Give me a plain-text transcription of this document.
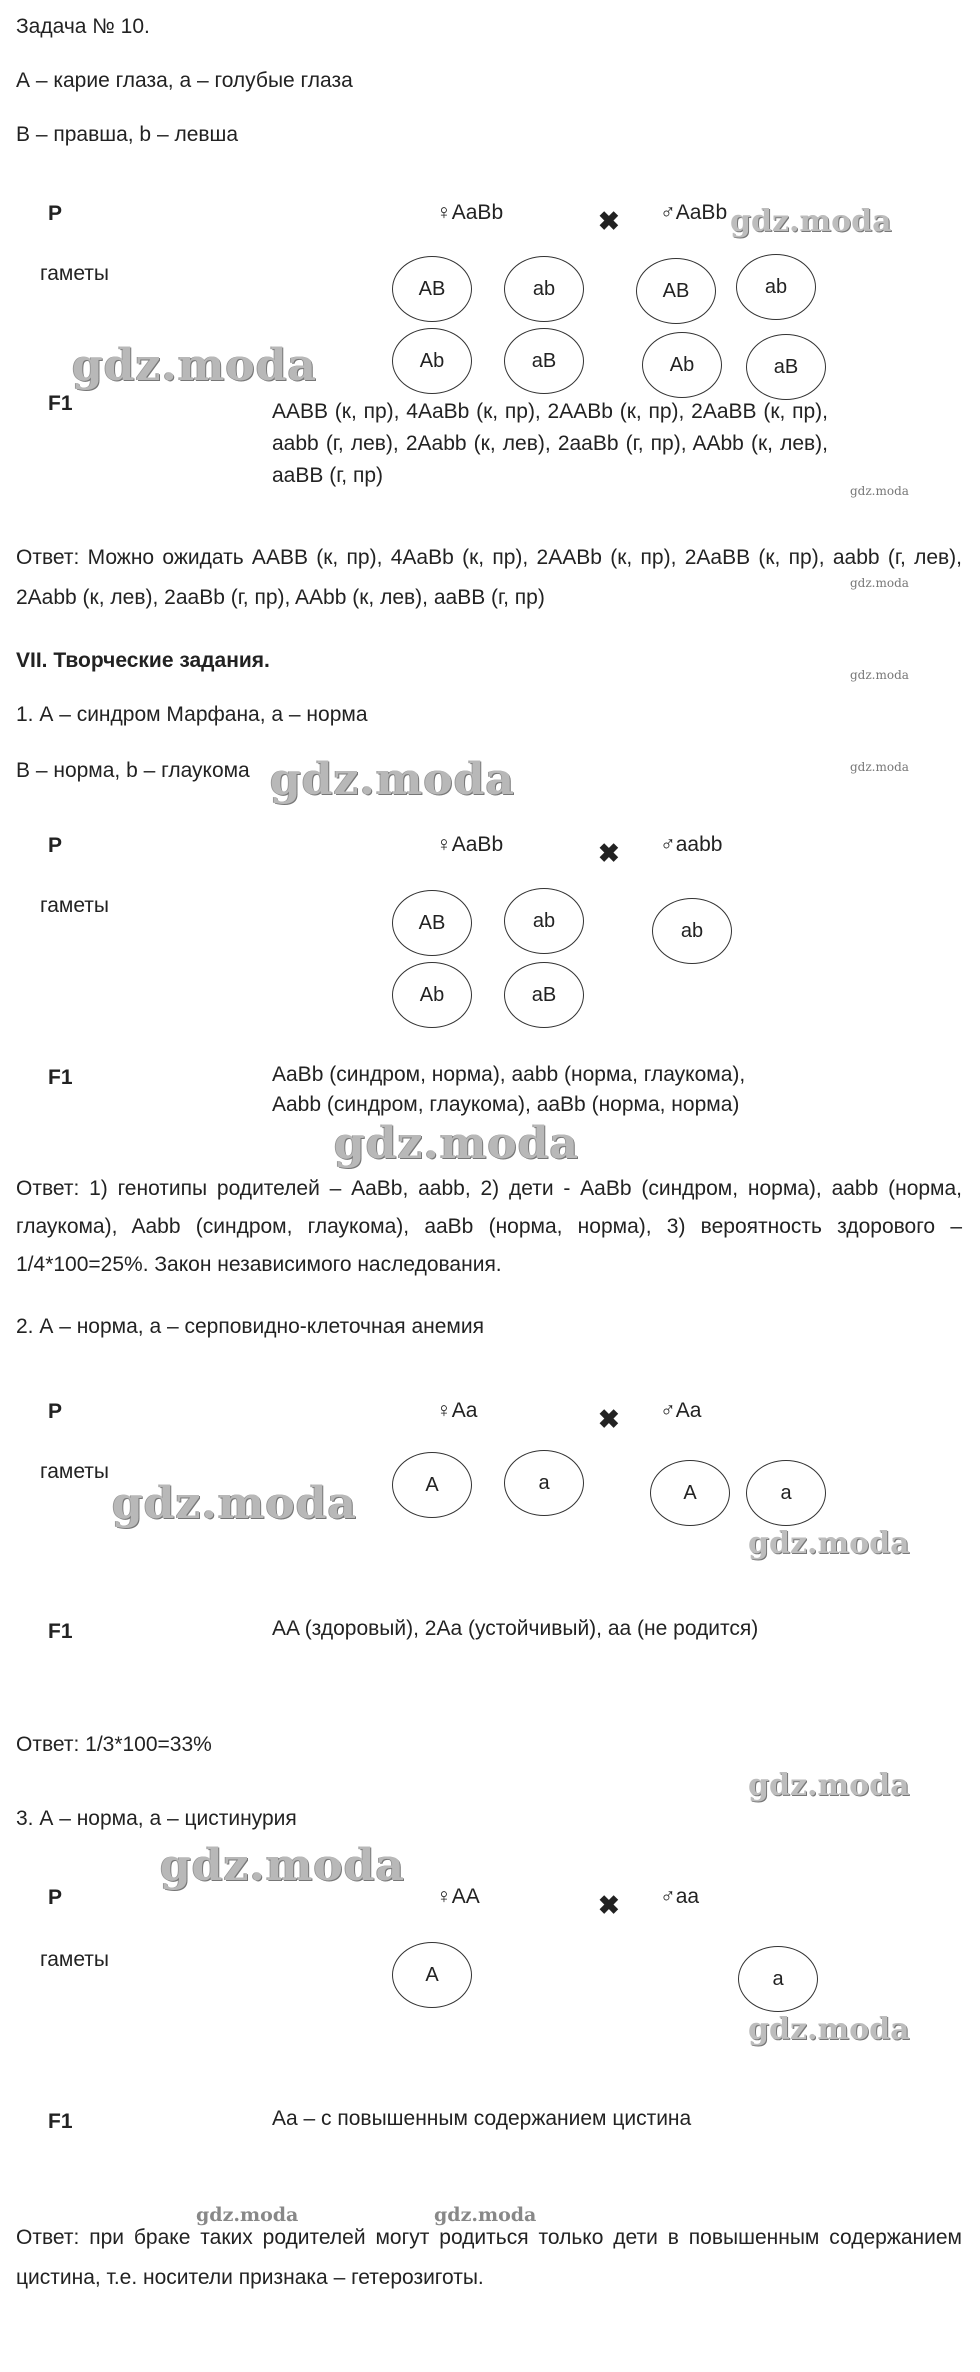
Задача № 10.
А – карие глаза, а – голубые глаза
В – правша, b – левша
P	♀AaBb	✖ ♂AaBb
гаметы
AB	ab
Ab	aB
AB	ab
Ab	aB
F1	AABB (к, пр), 4AaBb (к, пр), 2AABb (к, пр), 2AaBB (к, пр), aabb (г, лев), 2Aabb (к, лев), 2aaBb (г, пр), AAbb (к, лев), aaBB (г, пр)
Ответ: Можно ожидать AABB (к, пр), 4AaBb (к, пр), 2AABb (к, пр), 2AaBB (к, пр), aabb (г, лев), 2Aabb (к, лев), 2aaBb (г, пр), AAbb (к, лев), aaBB (г, пр)
VII. Творческие задания.
1. А – синдром Марфана, а – норма
В – норма, b – глаукома
P	♀AaBb	✖ ♂aabb
гаметы
AB	ab
Ab	aB
ab
F1	AaBb (синдром, норма), aabb (норма, глаукома),
Aabb (синдром, глаукома), aaBb (норма, норма)
Ответ: 1) генотипы родителей – AaBb, aabb, 2) дети - AaBb (синдром, норма), aabb (норма, глаукома), Aabb (синдром, глаукома), aaBb (норма, норма), 3) вероятность здорового – 1/4*100=25%. Закон независимого наследования.
2. А – норма, а – серповидно-клеточная анемия
P	♀Aa	✖ ♂Aa
гаметы
A	a	A	a
F1	AA (здоровый), 2Aa (устойчивый), aa (не родится)
Ответ: 1/3*100=33%
3. А – норма, а – цистинурия
P	♀AA	✖ ♂aa
гаметы
A	a
F1	Aa – с повышенным содержанием цистина
Ответ: при браке таких родителей могут родиться только дети в повышенным содержанием цистина, т.е. носители признака – гетерозиготы.
gdz.moda
gdz.moda
gdz.moda
gdz.moda
gdz.moda
gdz.moda
gdz.moda
gdz.moda
gdz.moda
gdz.moda
gdz.moda
gdz.moda
gdz.moda
gdz.moda	gdz.moda
